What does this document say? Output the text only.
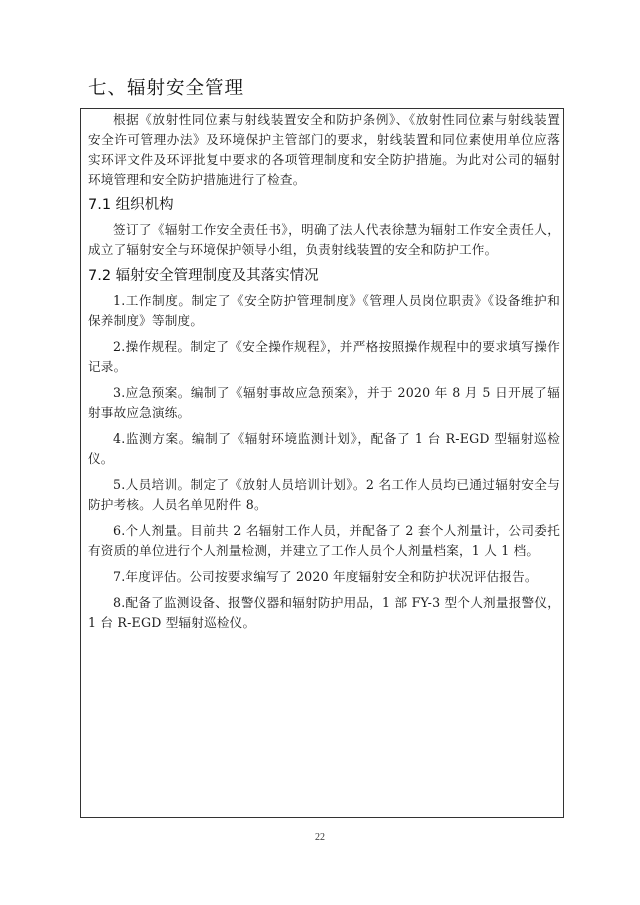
七、辐射安全管理

根据《放射性同位素与射线装置安全和防护条例》、《放射性同位素与射线装置安全许可管理办法》及环境保护主管部门的要求，射线装置和同位素使用单位应落实环评文件及环评批复中要求的各项管理制度和安全防护措施。为此对公司的辐射环境管理和安全防护措施进行了检查。

7.1 组织机构

签订了《辐射工作安全责任书》，明确了法人代表徐慧为辐射工作安全责任人，成立了辐射安全与环境保护领导小组，负责射线装置的安全和防护工作。

7.2 辐射安全管理制度及其落实情况

1.工作制度。制定了《安全防护管理制度》《管理人员岗位职责》《设备维护和保养制度》等制度。

2.操作规程。制定了《安全操作规程》，并严格按照操作规程中的要求填写操作记录。

3.应急预案。编制了《辐射事故应急预案》，并于 2020 年 8 月 5 日开展了辐射事故应急演练。

4.监测方案。编制了《辐射环境监测计划》，配备了 1 台 R-EGD 型辐射巡检仪。

5.人员培训。制定了《放射人员培训计划》。2 名工作人员均已通过辐射安全与防护考核。人员名单见附件 8。

6.个人剂量。目前共 2 名辐射工作人员，并配备了 2 套个人剂量计，公司委托有资质的单位进行个人剂量检测，并建立了工作人员个人剂量档案，1 人 1 档。

7.年度评估。公司按要求编写了 2020 年度辐射安全和防护状况评估报告。

8.配备了监测设备、报警仪器和辐射防护用品，1 部 FY-3 型个人剂量报警仪，1 台 R-EGD 型辐射巡检仪。

22
